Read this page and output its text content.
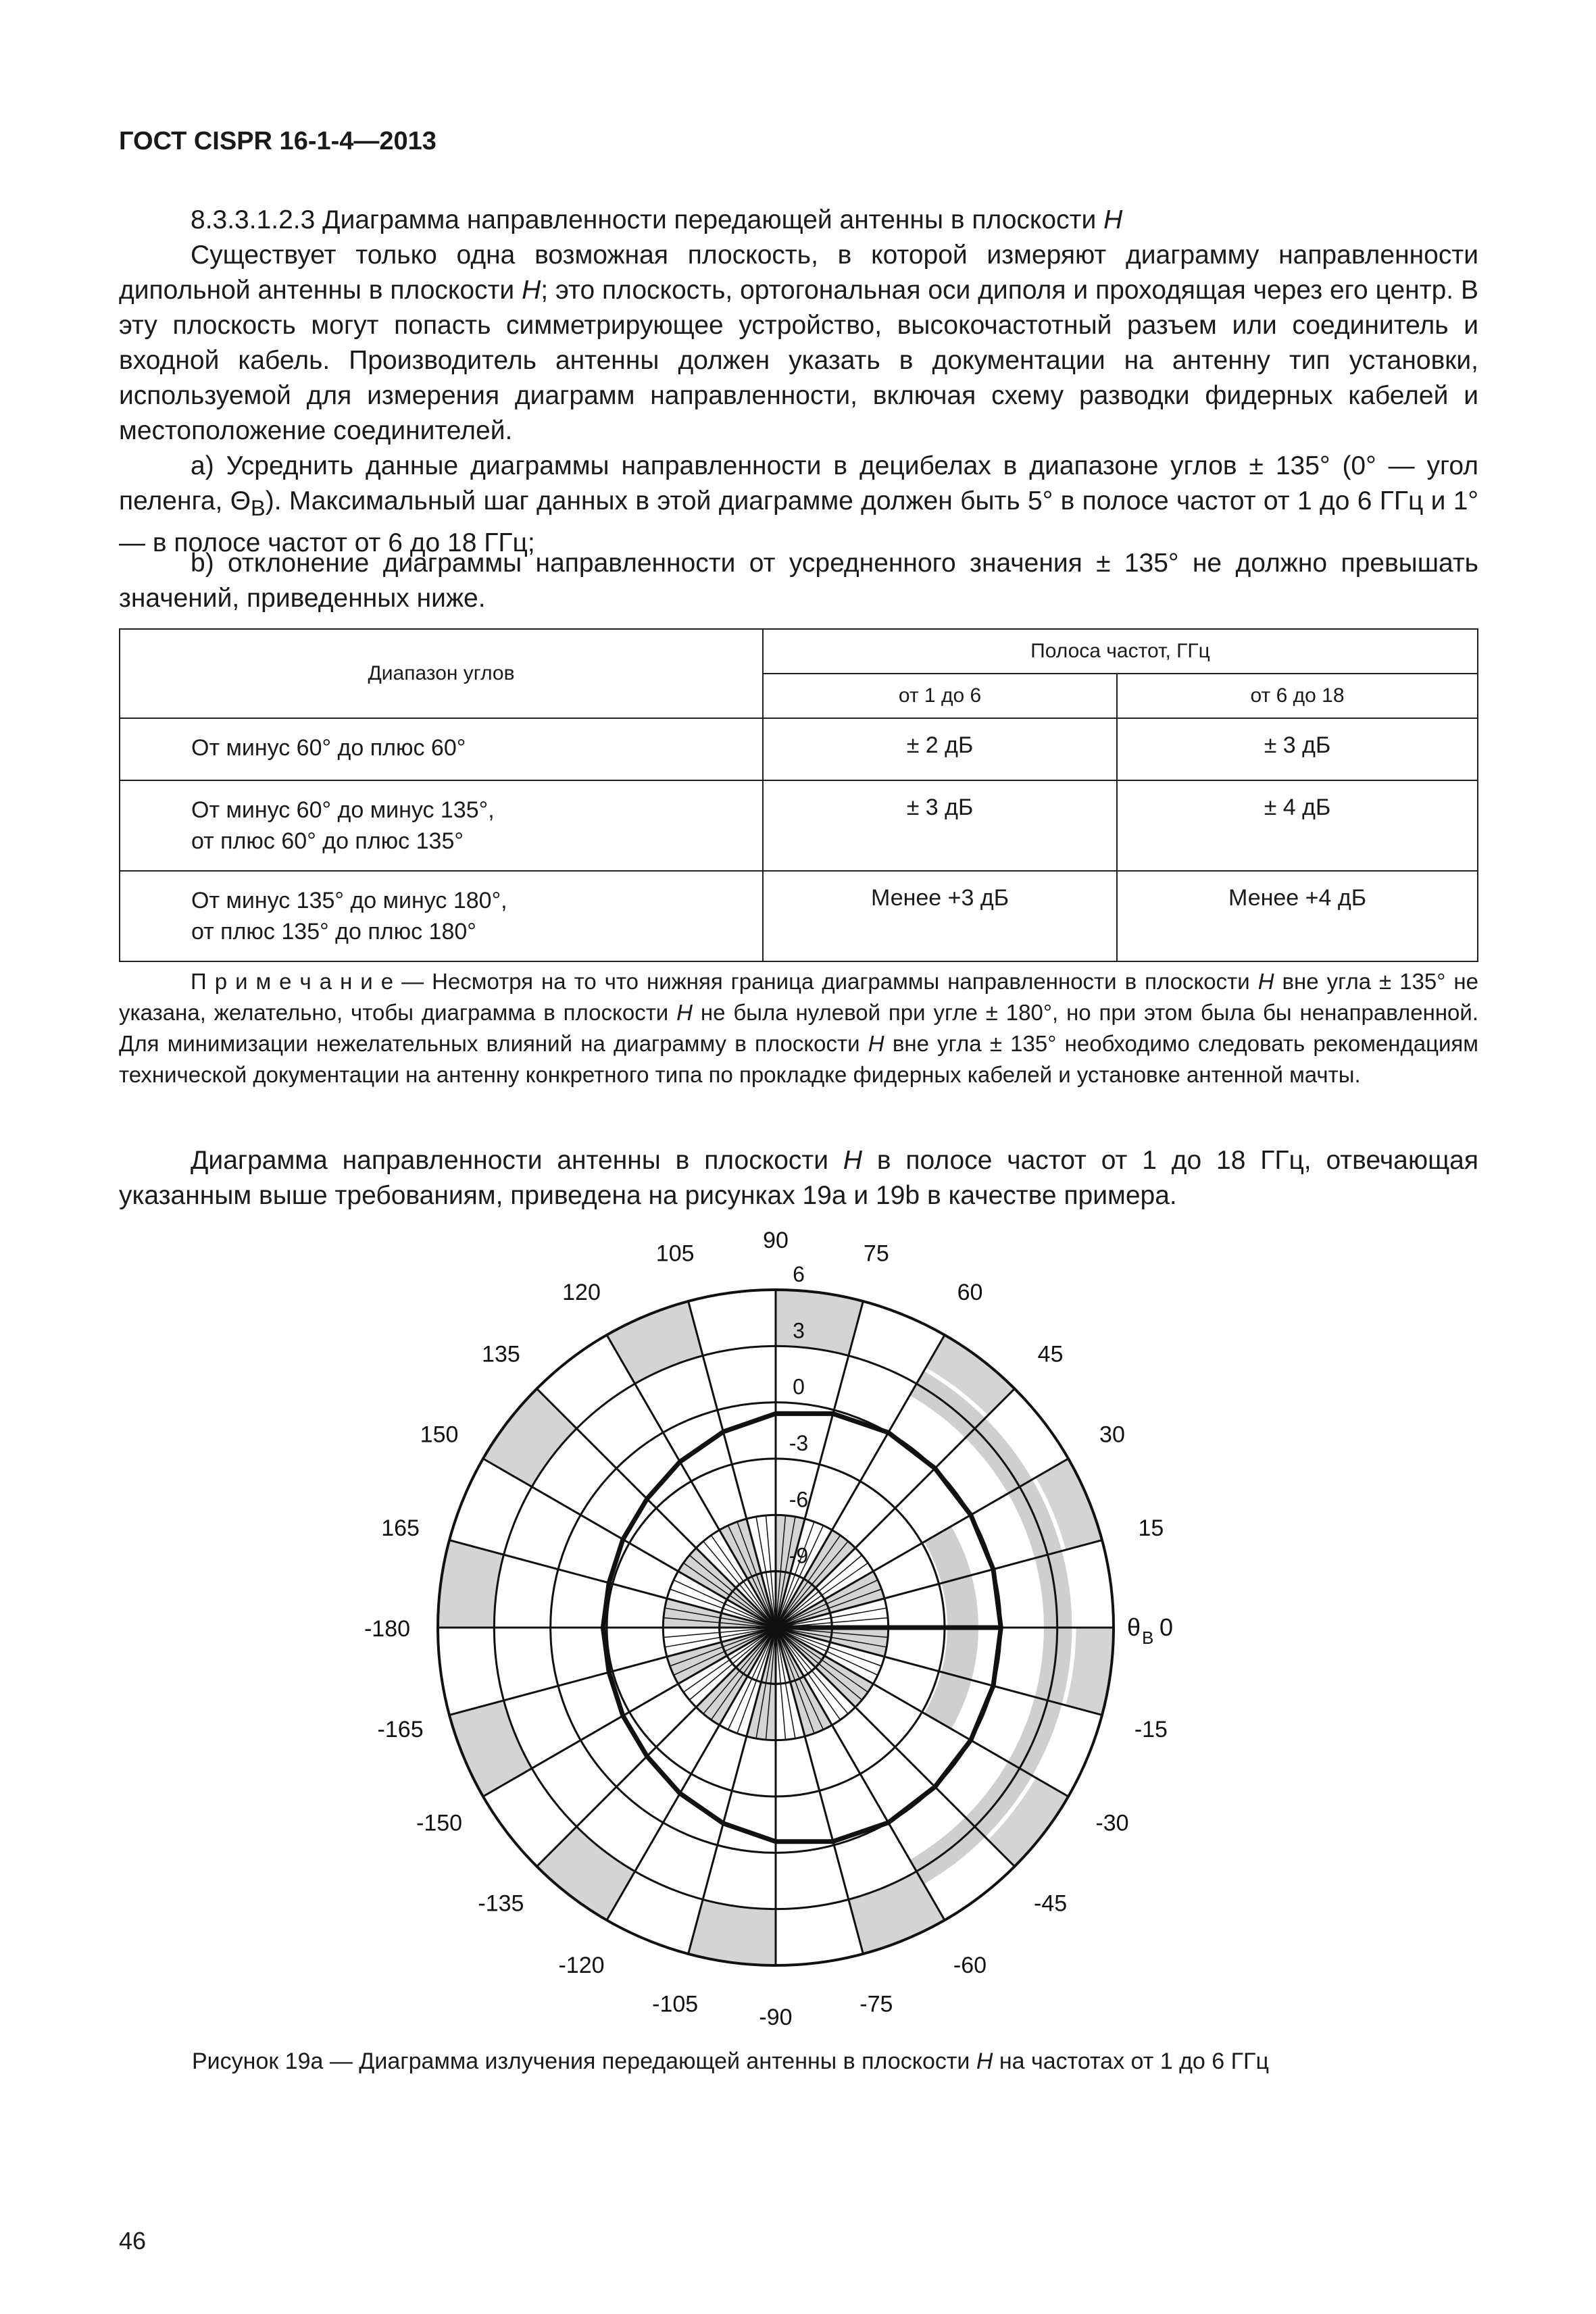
ГОСТ CISPR 16-1-4—2013
8.3.3.1.2.3 Диаграмма направленности передающей антенны в плоскости H
Существует только одна возможная плоскость, в которой измеряют диаграмму направленности дипольной антенны в плоскости H; это плоскость, ортогональная оси диполя и проходящая через его центр. В эту плоскость могут попасть симметрирующее устройство, высокочастотный разъем или соединитель и входной кабель. Производитель антенны должен указать в документации на антенну тип установки, используемой для измерения диаграмм направленности, включая схему разводки фидерных кабелей и местоположение соединителей.
a) Усреднить данные диаграммы направленности в децибелах в диапазоне углов ± 135° (0° — угол пеленга, $\Theta_B$). Максимальный шаг данных в этой диаграмме должен быть 5° в полосе частот от 1 до 6 ГГц и 1° — в полосе частот от 6 до 18 ГГц;
b) отклонение диаграммы направленности от усредненного значения ± 135° не должно превышать значений, приведенных ниже.
Диапазон углов	Полоса частот, ГГц	
	от 1 до 6	от 6 до 18

От минус 60° до плюс 60°	± 2 дБ	± 3 дБ

От минус 60° до минус 135°,
от плюс 60° до плюс 135°	± 3 дБ	± 4 дБ

От минус 135° до минус 180°,
от плюс 135° до плюс 180°	Менее +3 дБ	Менее +4 дБ
П р и м е ч а н и е — Несмотря на то что нижняя граница диаграммы направленности в плоскости H вне угла ± 135° не указана, желательно, чтобы диаграмма в плоскости H не была нулевой при угле ± 180°, но при этом была бы ненаправленной. Для минимизации нежелательных влияний на диаграмму в плоскости H вне угла ± 135° необходимо следовать рекомендациям технической документации на антенну конкретного типа по прокладке фидерных кабелей и установке антенной мачты.
Диаграмма направленности антенны в плоскости H в полосе частот от 1 до 18 ГГц, отвечающая указанным выше требованиям, приведена на рисунках 19а и 19b в качестве примера.
15
30
45
60
75
90
105
120
135
150
165
-180
-165
-150
-135
-120
-105
-90
-75
-60
-45
-30
-15
6
3
0
-3
-6
-9
θ B 0
Рисунок 19а — Диаграмма излучения передающей антенны в плоскости H на частотах от 1 до 6 ГГц
46
